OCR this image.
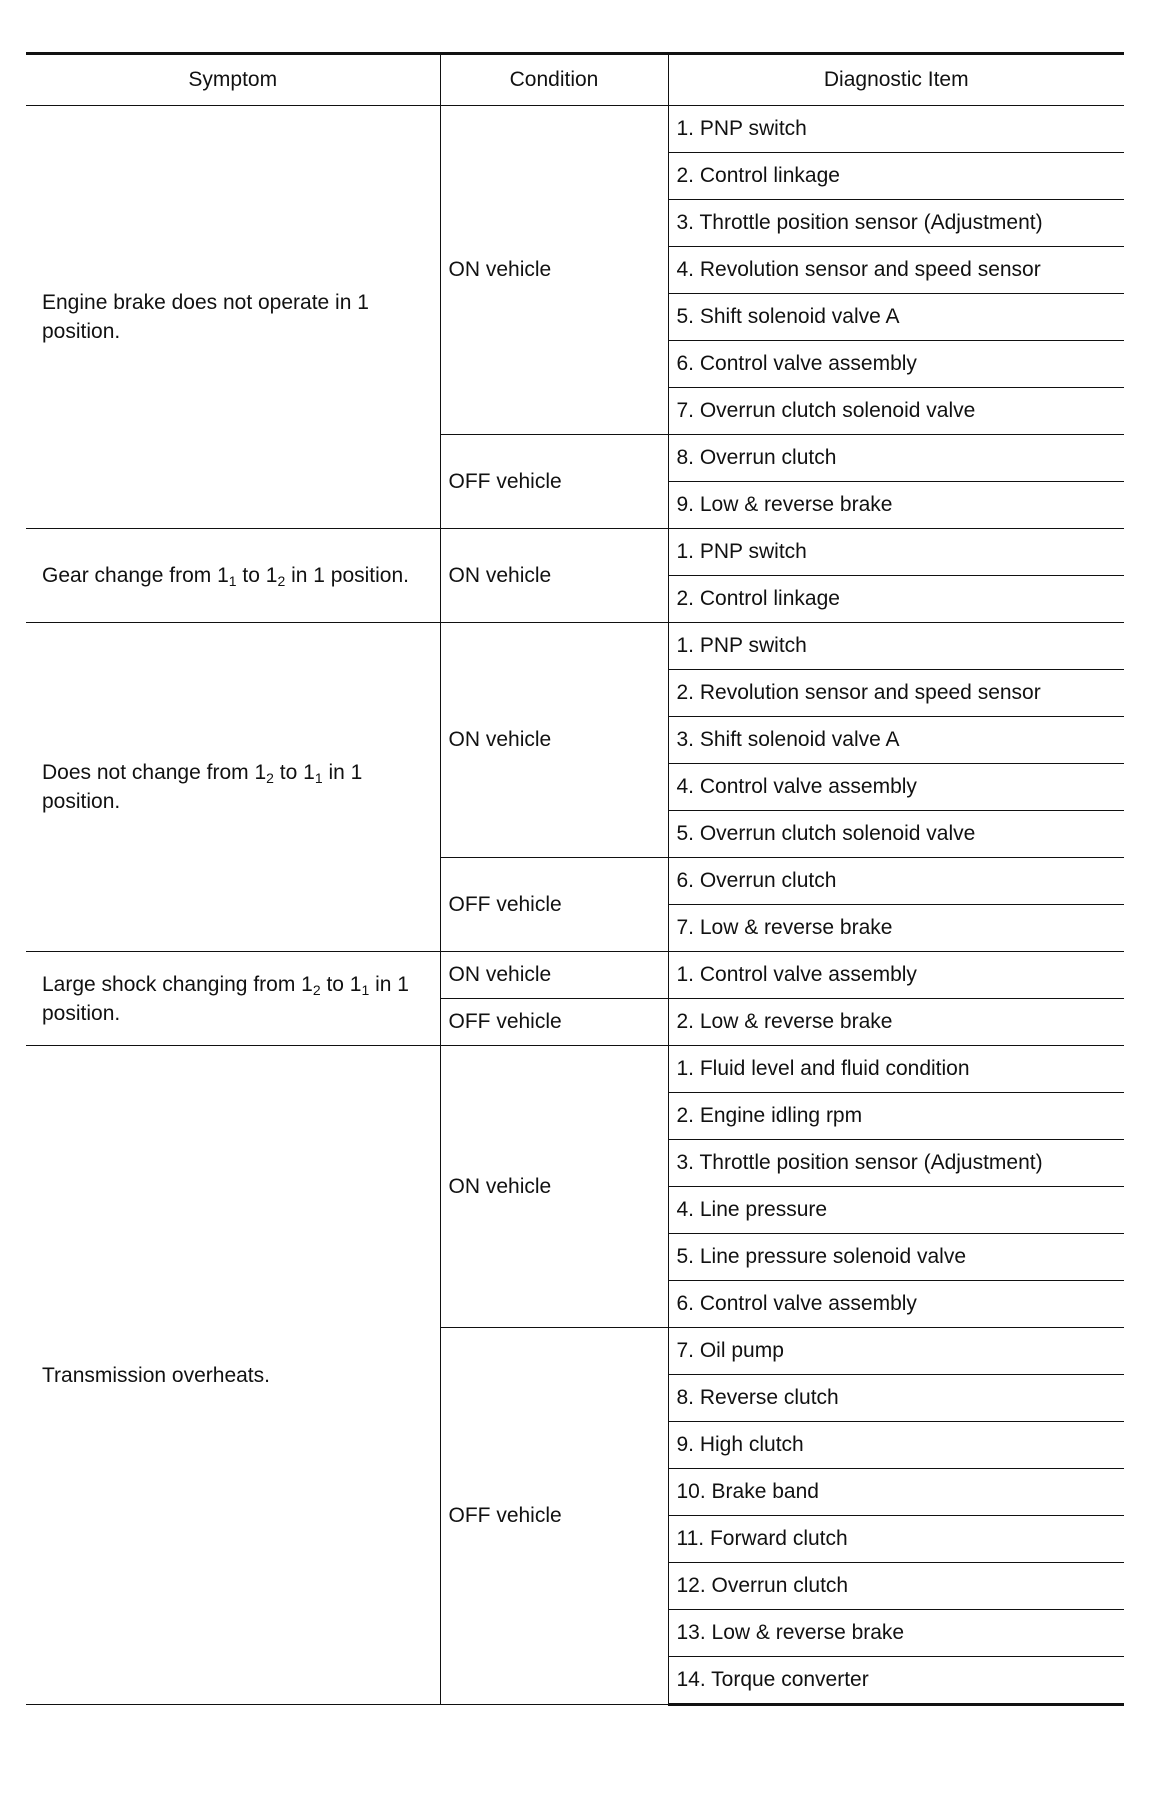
Symptom	Condition	Diagnostic Item
Engine brake does not operate in 1 position.	ON vehicle	1. PNP switch
		2. Control linkage
		3. Throttle position sensor (Adjustment)
		4. Revolution sensor and speed sensor
		5. Shift solenoid valve A
		6. Control valve assembly
		7. Overrun clutch solenoid valve
	OFF vehicle	8. Overrun clutch
		9. Low & reverse brake
Gear change from $1_1$ to $1_2$ in 1 position.	ON vehicle	1. PNP switch
		2. Control linkage
Does not change from $1_2$ to $1_1$ in 1 position.	ON vehicle	1. PNP switch
		2. Revolution sensor and speed sensor
		3. Shift solenoid valve A
		4. Control valve assembly
		5. Overrun clutch solenoid valve
	OFF vehicle	6. Overrun clutch
		7. Low & reverse brake
Large shock changing from $1_2$ to $1_1$ in 1 position.	ON vehicle	1. Control valve assembly
	OFF vehicle	2. Low & reverse brake
Transmission overheats.	ON vehicle	1. Fluid level and fluid condition
		2. Engine idling rpm
		3. Throttle position sensor (Adjustment)
		4. Line pressure
		5. Line pressure solenoid valve
		6. Control valve assembly
	OFF vehicle	7. Oil pump
		8. Reverse clutch
		9. High clutch
		10. Brake band
		11. Forward clutch
		12. Overrun clutch
		13. Low & reverse brake
		14. Torque converter
